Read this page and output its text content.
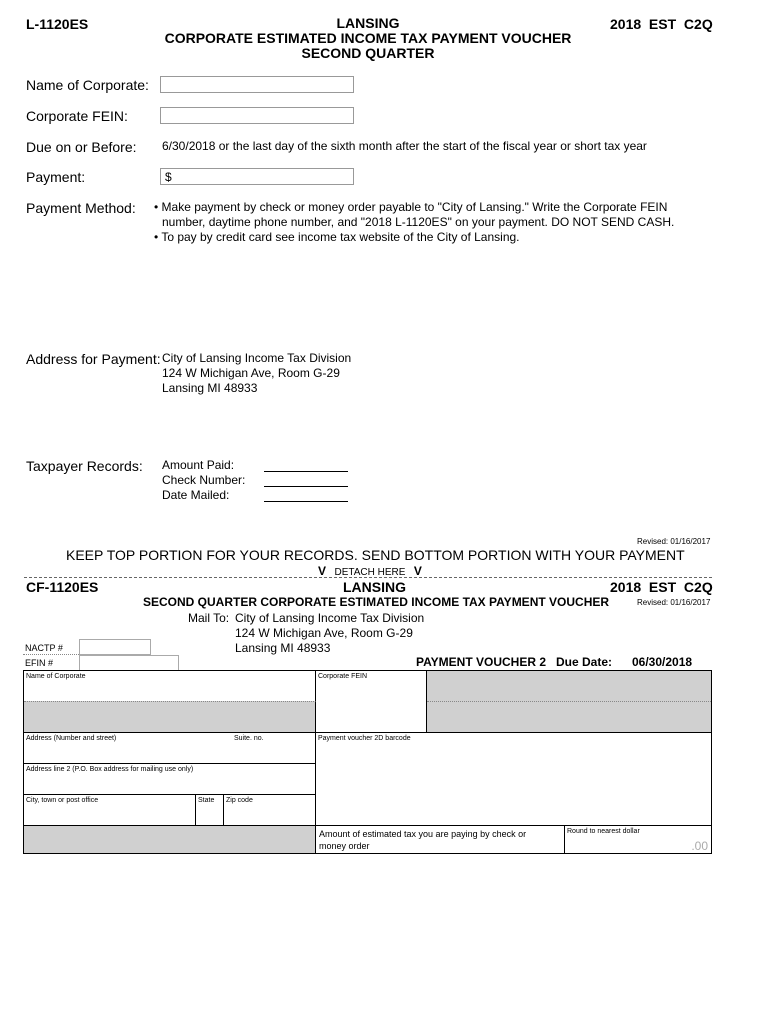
L-1120ES	LANSING
CORPORATE ESTIMATED INCOME TAX PAYMENT VOUCHER
SECOND QUARTER
2018  EST  C2Q
Name of Corporate:
Corporate FEIN:
Due on or Before: 6/30/2018 or the last day of the sixth month after the start of the fiscal year or short tax year
Payment:	$
Payment Method: • Make payment by check or money order payable to "City of Lansing." Write the Corporate FEIN
number, daytime phone number, and "2018 L-1120ES" on your payment. DO NOT SEND CASH.
• To pay by credit card see income tax website of the City of Lansing.
Address for Payment: City of Lansing Income Tax Division
124 W Michigan Ave, Room G-29
Lansing MI 48933
Taxpayer Records: Amount Paid:
Check Number:
Date Mailed:
Revised: 01/16/2017
KEEP TOP PORTION FOR YOUR RECORDS. SEND BOTTOM PORTION WITH YOUR PAYMENT
V DETACH HERE V
CF-1120ES	LANSING	2018  EST  C2Q
SECOND QUARTER CORPORATE ESTIMATED INCOME TAX PAYMENT VOUCHER	Revised: 01/16/2017
Mail To: City of Lansing Income Tax Division
124 W Michigan Ave, Room G-29
Lansing MI 48933
NACTP #
EFIN #	PAYMENT VOUCHER 2 Due Date: 06/30/2018
Name of Corporate	Corporate FEIN
Address (Number and street)	Suite. no.	Payment voucher 2D barcode
Address line 2 (P.O. Box address for mailing use only)
City, town or post office	State	Zip code
Amount of estimated tax you are paying by check or
money order
Round to nearest dollar
.00
